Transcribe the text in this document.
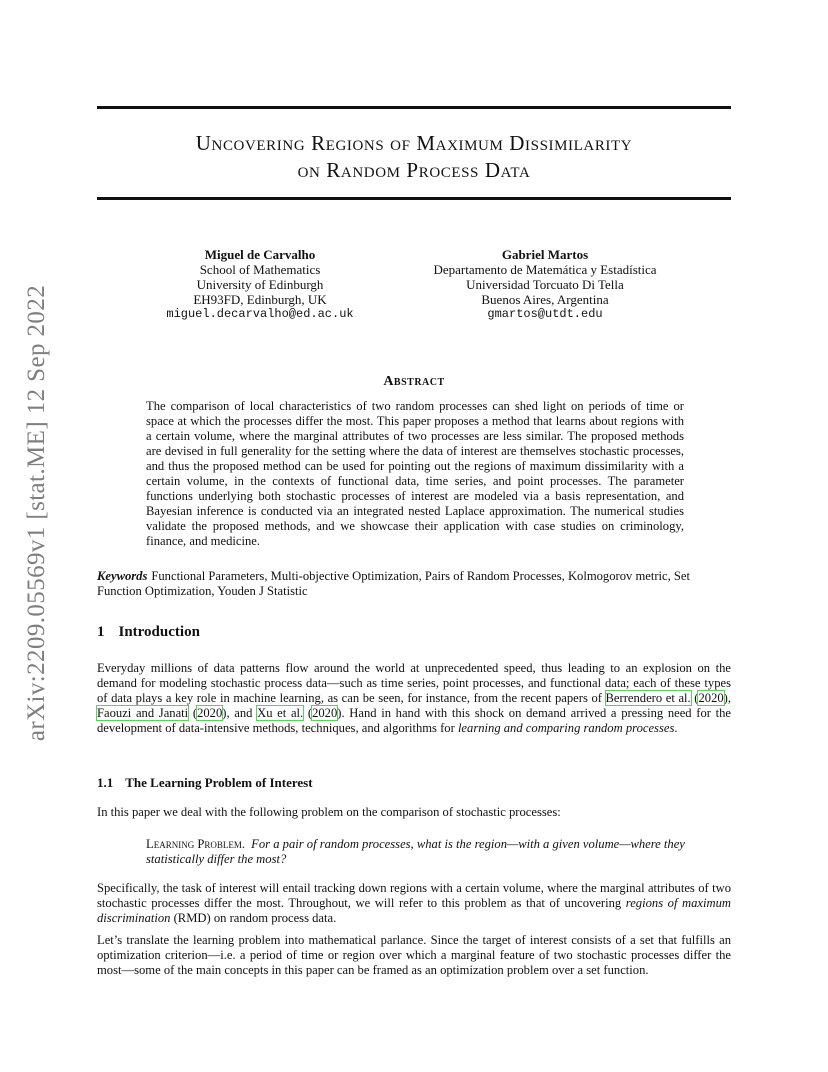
arXiv:2209.05569v1 [stat.ME] 12 Sep 2022
Uncovering Regions of Maximum Dissimilarity
on Random Process Data
Miguel de Carvalho
School of Mathematics
University of Edinburgh
EH93FD, Edinburgh, UK
miguel.decarvalho@ed.ac.uk
Gabriel Martos
Departamento de Matemática y Estadística
Universidad Torcuato Di Tella
Buenos Aires, Argentina
gmartos@utdt.edu
Abstract
The comparison of local characteristics of two random processes can shed light on periods of time or space at which the processes differ the most. This paper proposes a method that learns about regions with a certain volume, where the marginal attributes of two processes are less similar. The proposed methods are devised in full generality for the setting where the data of interest are themselves stochastic processes, and thus the proposed method can be used for pointing out the regions of maximum dissimilarity with a certain volume, in the contexts of functional data, time series, and point processes. The parameter functions underlying both stochastic processes of interest are modeled via a basis representation, and Bayesian inference is conducted via an integrated nested Laplace approximation. The numerical studies validate the proposed methods, and we showcase their application with case studies on criminology, finance, and medicine.
Keywords Functional Parameters, Multi-objective Optimization, Pairs of Random Processes, Kolmogorov metric, Set Function Optimization, Youden J Statistic
1 Introduction
Everyday millions of data patterns flow around the world at unprecedented speed, thus leading to an explosion on the demand for modeling stochastic process data—such as time series, point processes, and functional data; each of these types of data plays a key role in machine learning, as can be seen, for instance, from the recent papers of Berrendero et al. (2020), Faouzi and Janati (2020), and Xu et al. (2020). Hand in hand with this shock on demand arrived a pressing need for the development of data-intensive methods, techniques, and algorithms for learning and comparing random processes.
1.1 The Learning Problem of Interest
In this paper we deal with the following problem on the comparison of stochastic processes:
Learning Problem. For a pair of random processes, what is the region—with a given volume—where they statistically differ the most?
Specifically, the task of interest will entail tracking down regions with a certain volume, where the marginal attributes of two stochastic processes differ the most. Throughout, we will refer to this problem as that of uncovering regions of maximum discrimination (RMD) on random process data.
Let’s translate the learning problem into mathematical parlance. Since the target of interest consists of a set that fulfills an optimization criterion—i.e. a period of time or region over which a marginal feature of two stochastic processes differ the most—some of the main concepts in this paper can be framed as an optimization problem over a set function.
